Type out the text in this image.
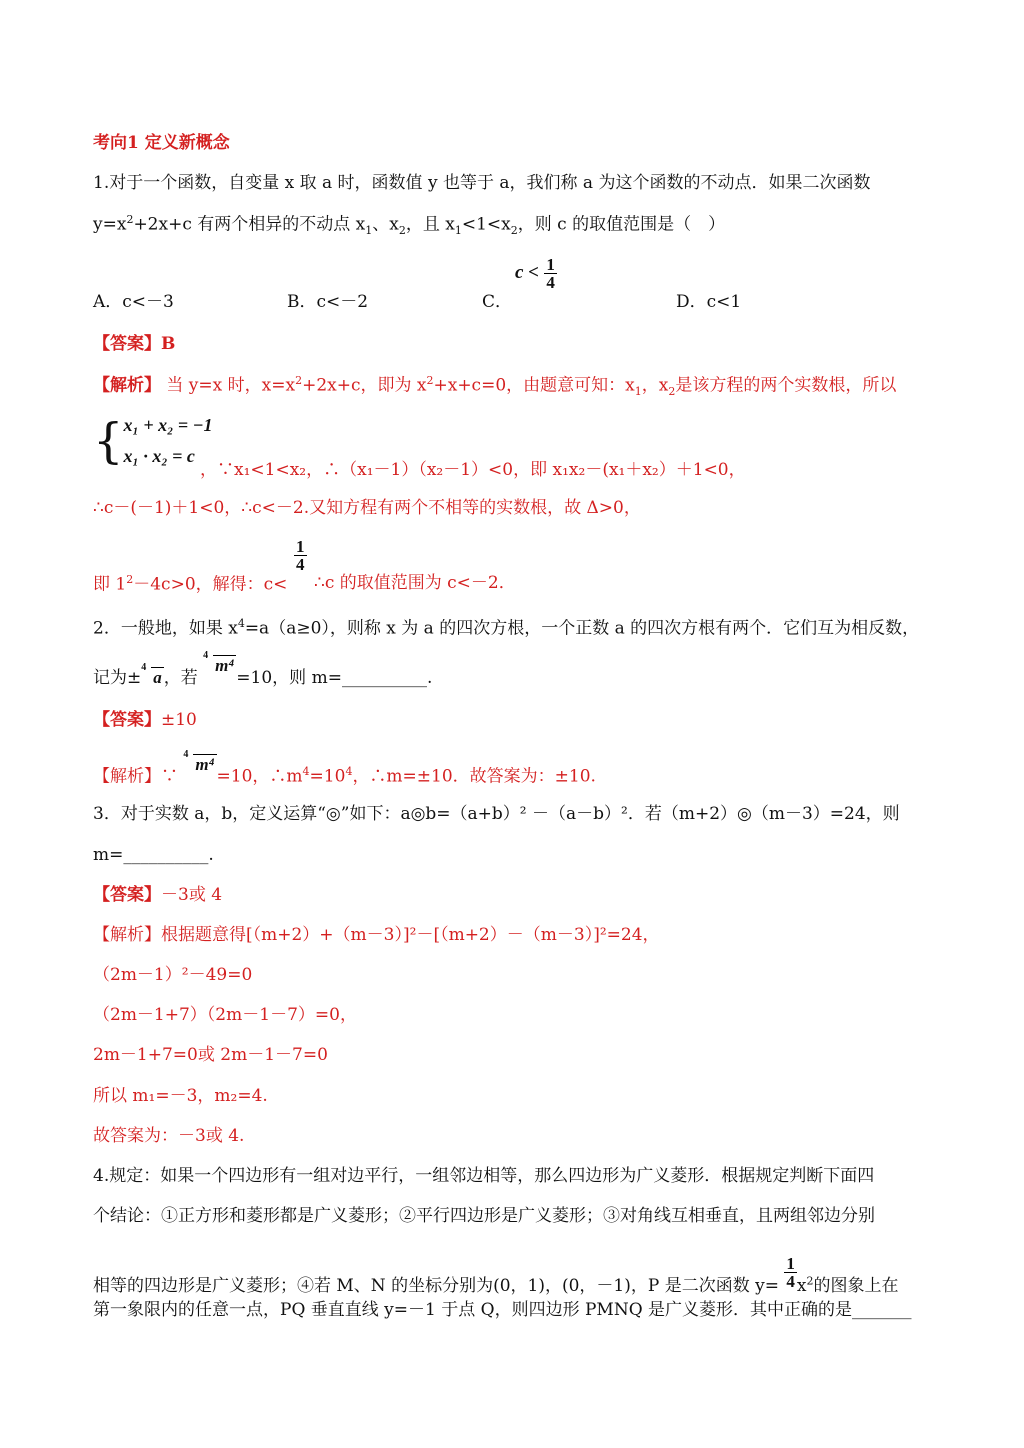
考向1 定义新概念
1.对于一个函数，自变量 x 取 a 时，函数值 y 也等于 a，我们称 a 为这个函数的不动点．如果二次函数
$y=x^2+2x+c$ 有两个相异的不动点 $x_1$、$x_2$，且 $x_1<1<x_2$，则 c 的取值范围是（　）
A．c<－3	B．c<－2	C．
$c < \frac{1}{4}$
D．c<1
【答案】B
【解析】 当 y=x 时，$x=x^2+2x+c$，即为 $x^2+x+c=0$，由题意可知：$x_1$，$x_2$是该方程的两个实数根，所以
{ x₁ + x₂ = −1
x₁ · x₂ = c
，∵x₁<1<x₂，∴（x₁－1）（x₂－1）<0，即 x₁x₂－(x₁＋x₂）＋1<0，
∴c－(－1)＋1<0，∴c<－2.又知方程有两个不相等的实数根，故 Δ>0，
即 $1^2-4c>0$，解得：c<
$\frac{1}{4}$
∴c 的取值范围为 c<－2．
2．一般地，如果 $x^4=a(a\ge 0)$，则称 x 为 a 的四次方根，一个正数 a 的四次方根有两个．它们互为相反数，
记为±
4
a ，若
4
m⁴=10，则 m=__________.
【答案】±10
【解析】∵
4
m⁴=10，$\therefore m^4=10^4$，∴m=±10．故答案为：±10.
3．对于实数 a，b，定义运算“◎”如下：a◎b=（a+b）² －（a－b）²．若（m+2）◎（m－3）=24，则
m=__________.
【答案】－3或 4
【解析】根据题意得[（m+2）+（m－3）]²－[（m+2）－（m－3）]²=24，
（2m－1）²－49=0
（2m－1+7）（2m－1－7）=0，
2m－1+7=0或 2m－1－7=0
所以 m₁=－3，m₂=4.
故答案为：－3或 4.
4.规定：如果一个四边形有一组对边平行，一组邻边相等，那么四边形为广义菱形．根据规定判断下面四
个结论：①正方形和菱形都是广义菱形；②平行四边形是广义菱形；③对角线互相垂直，且两组邻边分别
相等的四边形是广义菱形；④若 M、N 的坐标分别为(0，1)，(0，－1)，P 是二次函数 $y= \frac{1}{4} x^2$的图象上在
第一象限内的任意一点，PQ 垂直直线 y=－1 于点 Q，则四边形 PMNQ 是广义菱形．其中正确的是_______
